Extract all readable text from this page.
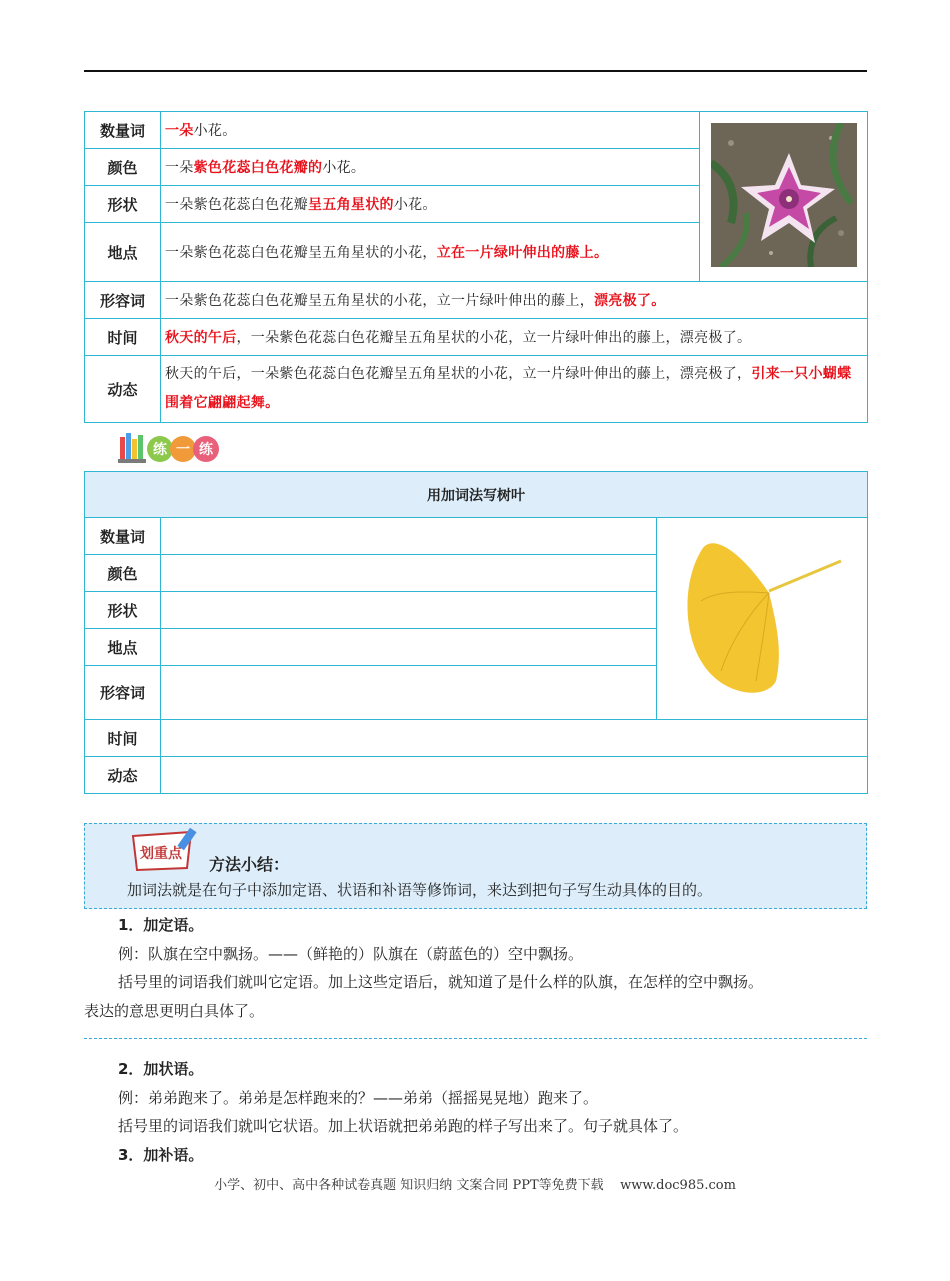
数量词	一朵小花。	
颜色	一朵紫色花蕊白色花瓣的小花。	
形状	一朵紫色花蕊白色花瓣呈五角星状的小花。	
地点	一朵紫色花蕊白色花瓣呈五角星状的小花，立在一片绿叶伸出的藤上。	
形容词	一朵紫色花蕊白色花瓣呈五角星状的小花，立一片绿叶伸出的藤上，漂亮极了。	
时间	秋天的午后，一朵紫色花蕊白色花瓣呈五角星状的小花，立一片绿叶伸出的藤上，漂亮极了。	
动态	秋天的午后，一朵紫色花蕊白色花瓣呈五角星状的小花，立一片绿叶伸出的藤上，漂亮极了，引来一只小蝴蝶围着它翩翩起舞。	
练 一 练
用加词法写树叶		
数量词		
颜色		
形状		
地点		
形容词		
时间		
动态		
划重点
方法小结：
加词法就是在句子中添加定语、状语和补语等修饰词，来达到把句子写生动具体的目的。
1．加定语。
例：队旗在空中飘扬。——（鲜艳的）队旗在（蔚蓝色的）空中飘扬。
括号里的词语我们就叫它定语。加上这些定语后，就知道了是什么样的队旗，在怎样的空中飘扬。
表达的意思更明白具体了。
2．加状语。
例：弟弟跑来了。弟弟是怎样跑来的？——弟弟（摇摇晃晃地）跑来了。
括号里的词语我们就叫它状语。加上状语就把弟弟跑的样子写出来了。句子就具体了。
3．加补语。
小学、初中、高中各种试卷真题 知识归纳 文案合同 PPT等免费下载    www.doc985.com
